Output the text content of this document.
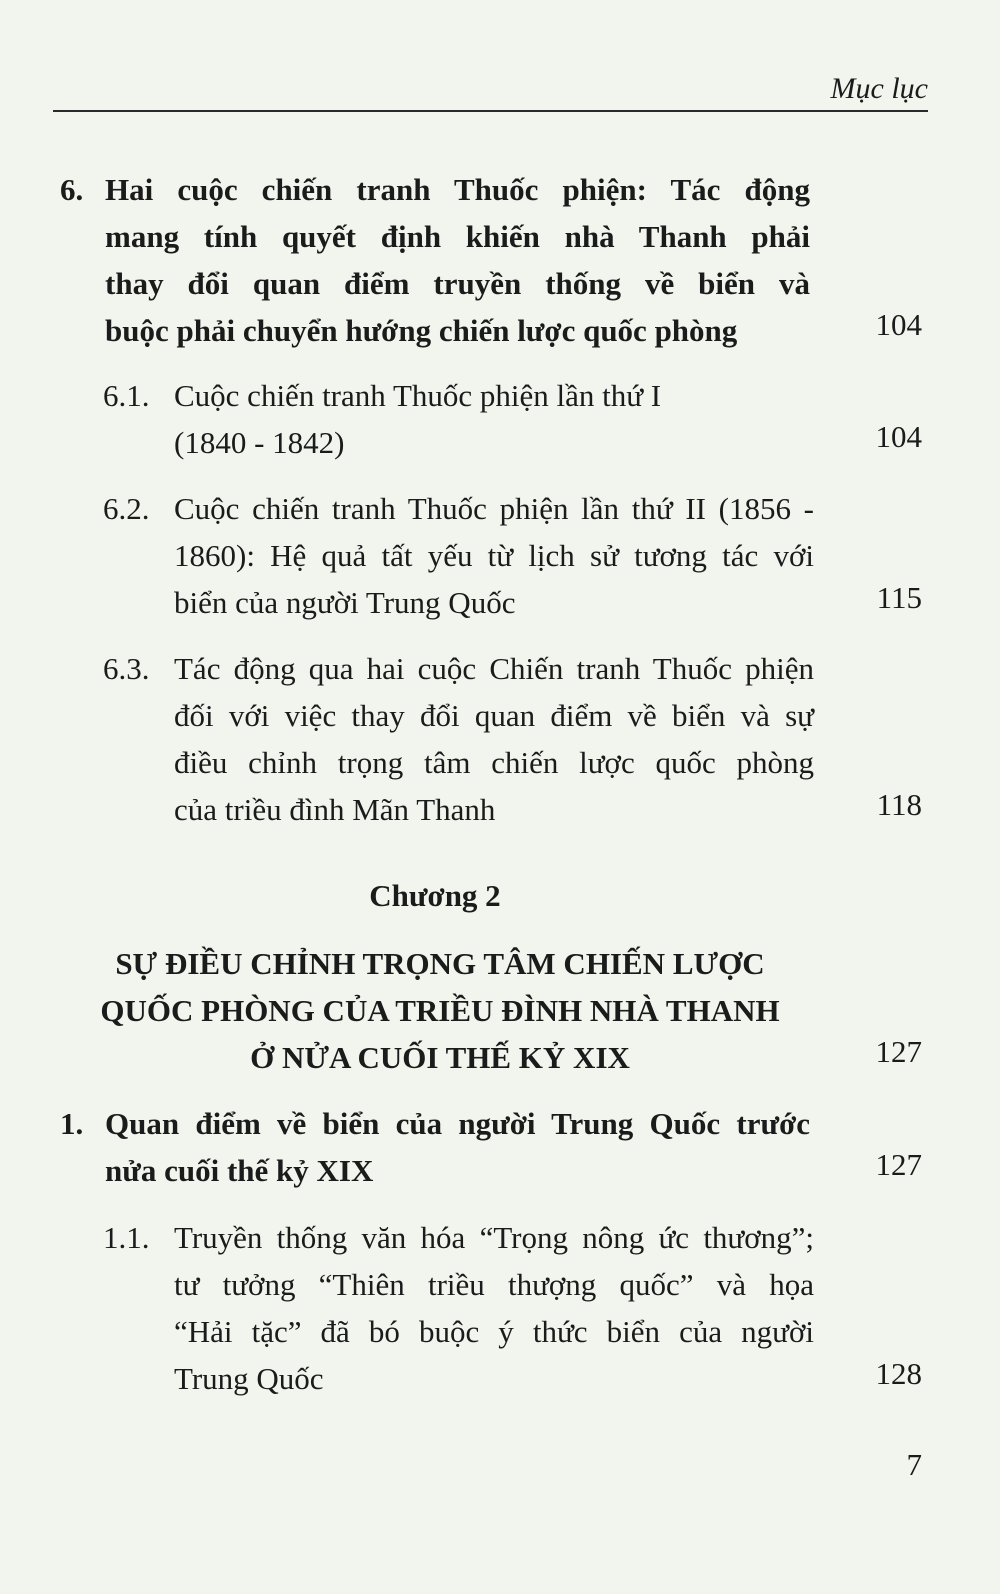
Mục lục
6. Hai cuộc chiến tranh Thuốc phiện: Tác động
mang tính quyết định khiến nhà Thanh phải
thay đổi quan điểm truyền thống về biển và
buộc phải chuyển hướng chiến lược quốc phòng	104
6.1. Cuộc chiến tranh Thuốc phiện lần thứ I
(1840 - 1842)	104
6.2. Cuộc chiến tranh Thuốc phiện lần thứ II (1856 -
1860): Hệ quả tất yếu từ lịch sử tương tác với
biển của người Trung Quốc	115
6.3. Tác động qua hai cuộc Chiến tranh Thuốc phiện
đối với việc thay đổi quan điểm về biển và sự
điều chỉnh trọng tâm chiến lược quốc phòng
của triều đình Mãn Thanh	118
Chương 2
SỰ ĐIỀU CHỈNH TRỌNG TÂM CHIẾN LƯỢC
QUỐC PHÒNG CỦA TRIỀU ĐÌNH NHÀ THANH
Ở NỬA CUỐI THẾ KỶ XIX	127
1. Quan điểm về biển của người Trung Quốc trước
nửa cuối thế kỷ XIX	127
1.1. Truyền thống văn hóa “Trọng nông ức thương”;
tư tưởng “Thiên triều thượng quốc” và họa
“Hải tặc” đã bó buộc ý thức biển của người
Trung Quốc	128
7
